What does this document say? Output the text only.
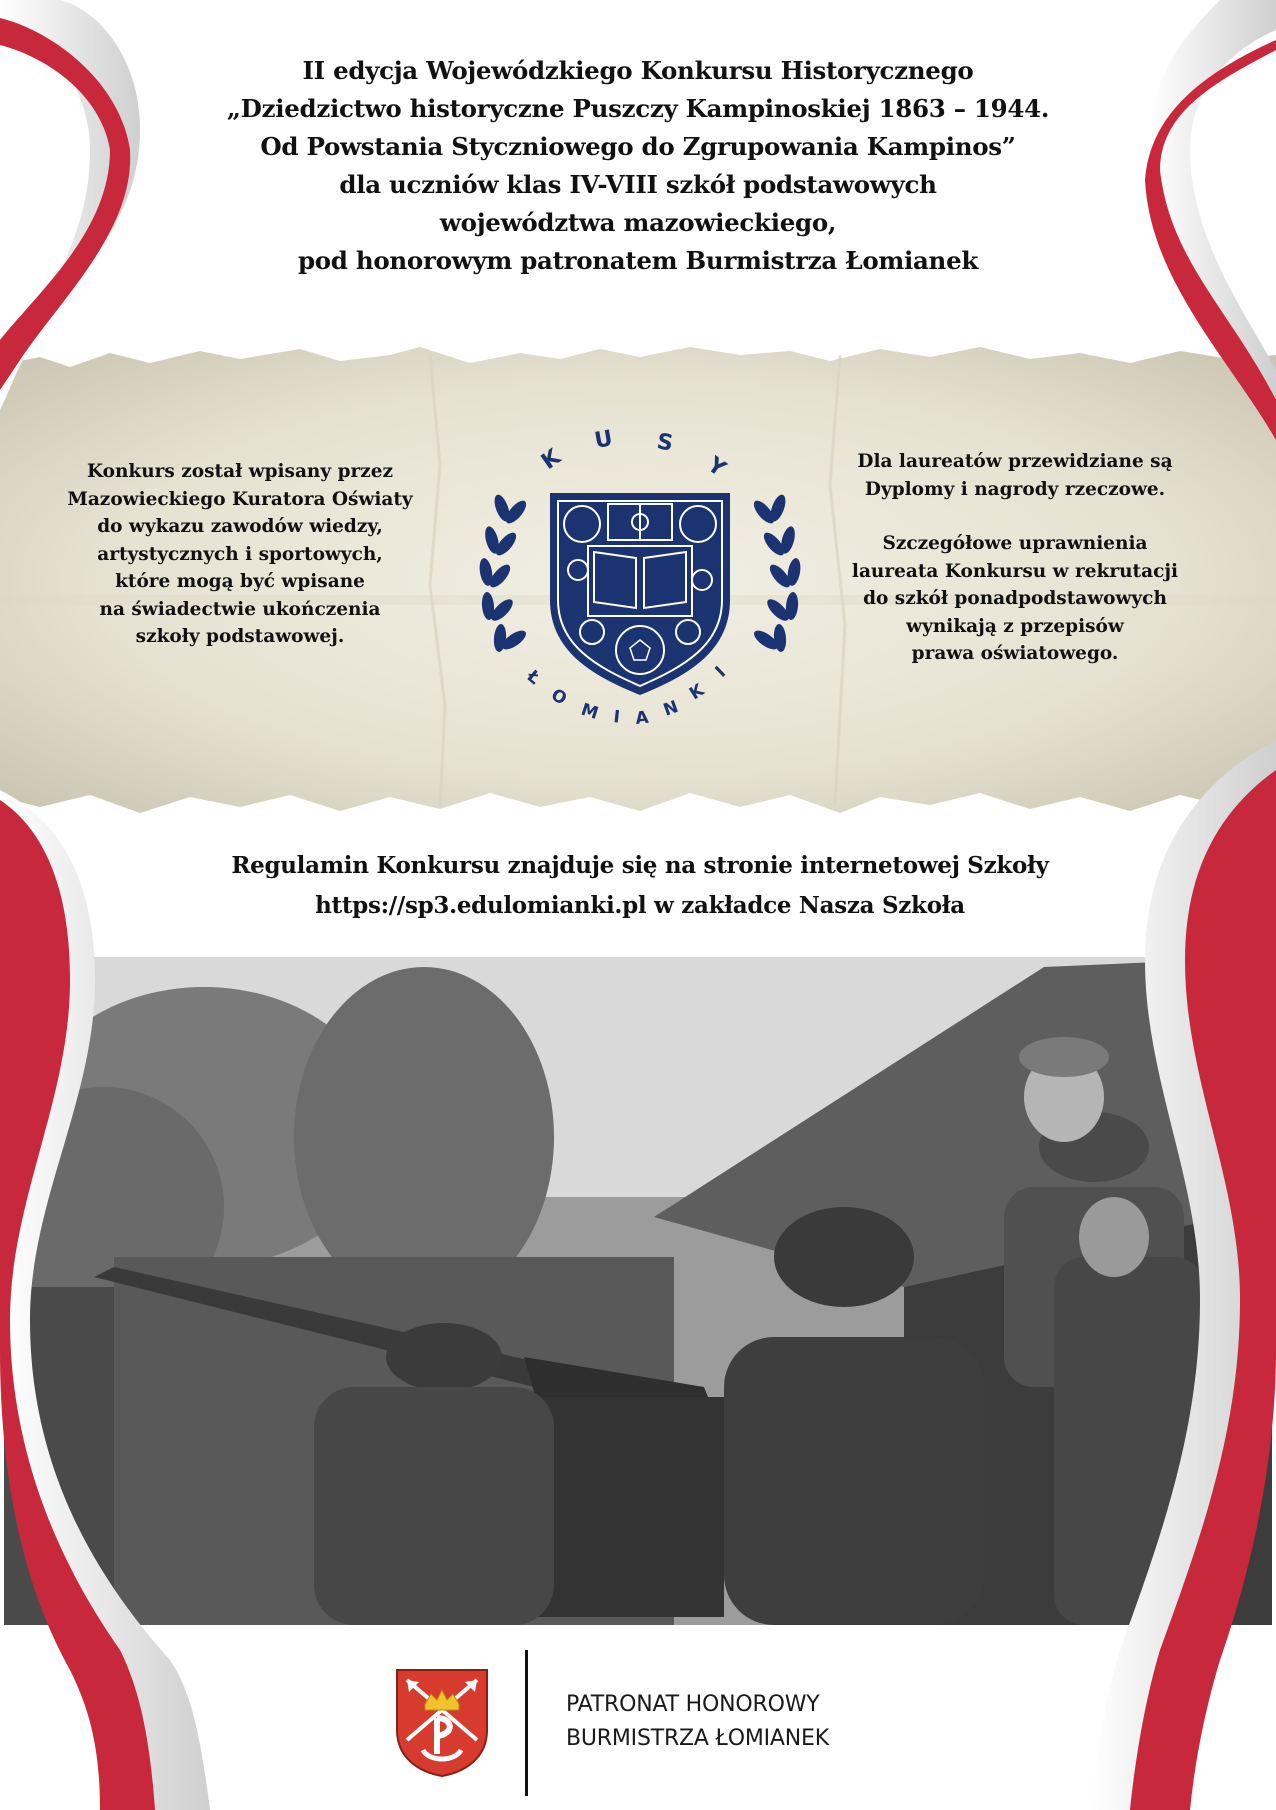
II edycja Wojewódzkiego Konkursu Historycznego
„Dziedzictwo historyczne Puszczy Kampinoskiej 1863 – 1944.
Od Powstania Styczniowego do Zgrupowania Kampinos”
dla uczniów klas IV-VIII szkół podstawowych
województwa mazowieckiego,
pod honorowym patronatem Burmistrza Łomianek
Konkurs został wpisany przez
Mazowieckiego Kuratora Oświaty
do wykazu zawodów wiedzy,
artystycznych i sportowych,
które mogą być wpisane
na świadectwie ukończenia
szkoły podstawowej.
K
U S
Y
Ł
O
M I A N
K
I
Dla laureatów przewidziane są
Dyplomy i nagrody rzeczowe.
Szczegółowe uprawnienia
laureata Konkursu w rekrutacji
do szkół ponadpodstawowych
wynikają z przepisów
prawa oświatowego.
Regulamin Konkursu znajduje się na stronie internetowej Szkoły
https://sp3.edulomianki.pl w zakładce Nasza Szkoła
PATRONAT HONOROWY
BURMISTRZA ŁOMIANEK
